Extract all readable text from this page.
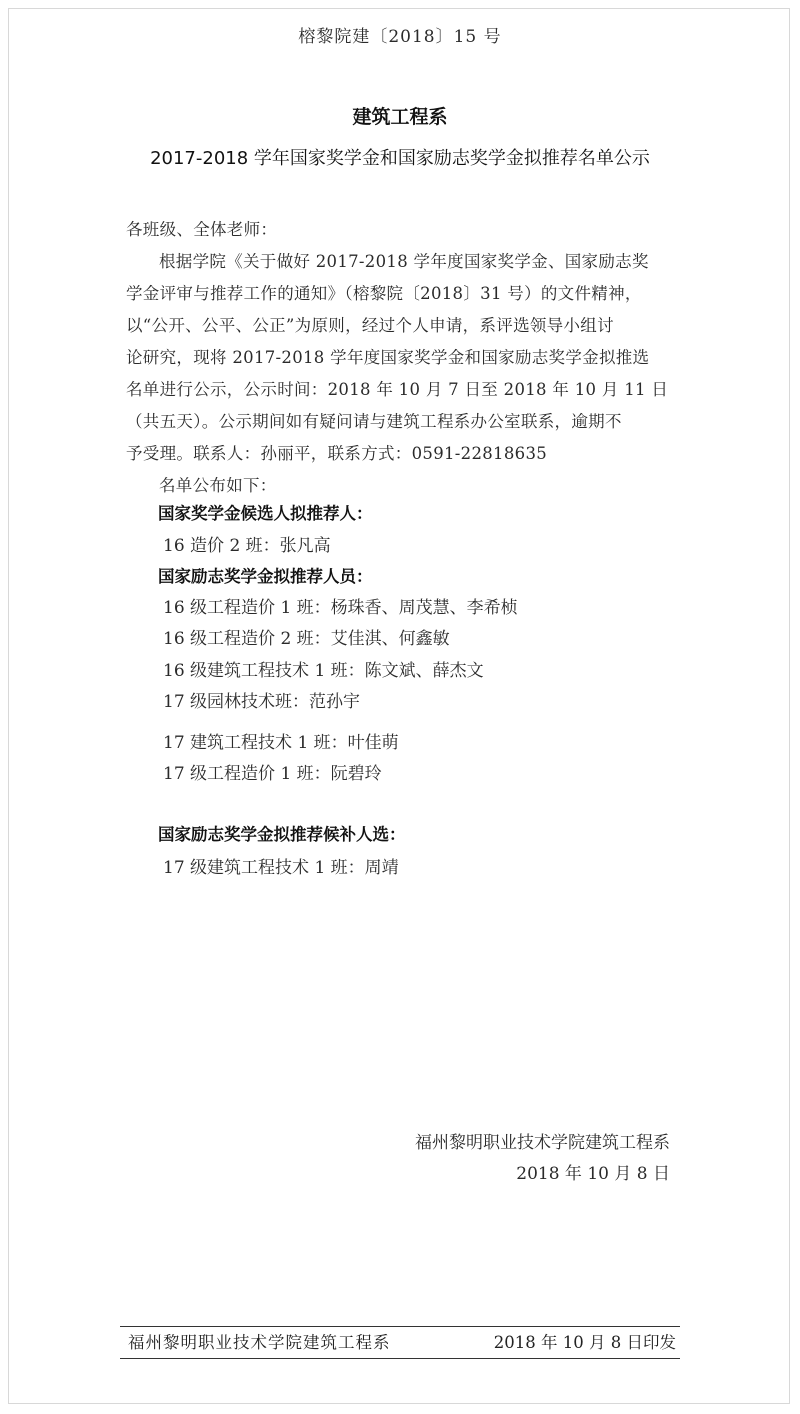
榕黎院建〔2018〕15 号
建筑工程系
2017-2018 学年国家奖学金和国家励志奖学金拟推荐名单公示
各班级、全体老师：
根据学院《关于做好 2017-2018 学年度国家奖学金、国家励志奖
学金评审与推荐工作的通知》（榕黎院〔2018〕31 号）的文件精神，
以“公开、公平、公正”为原则，经过个人申请，系评选领导小组讨
论研究，现将 2017-2018 学年度国家奖学金和国家励志奖学金拟推选
名单进行公示，公示时间：2018 年 10 月 7 日至 2018 年 10 月 11 日
（共五天）。公示期间如有疑问请与建筑工程系办公室联系，逾期不
予受理。联系人：孙丽平，联系方式：0591-22818635
名单公布如下：
国家奖学金候选人拟推荐人：
16 造价 2 班：张凡高
国家励志奖学金拟推荐人员：
16 级工程造价 1 班：杨珠香、周茂慧、李希桢
16 级工程造价 2 班：艾佳淇、何鑫敏
16 级建筑工程技术 1 班：陈文斌、薛杰文
17 级园林技术班：范孙宇
17 建筑工程技术 1 班：叶佳萌
17 级工程造价 1 班：阮碧玲
国家励志奖学金拟推荐候补人选：
17 级建筑工程技术 1 班：周靖
福州黎明职业技术学院建筑工程系
2018 年 10 月 8 日
福州黎明职业技术学院建筑工程系	2018 年 10 月 8 日印发
